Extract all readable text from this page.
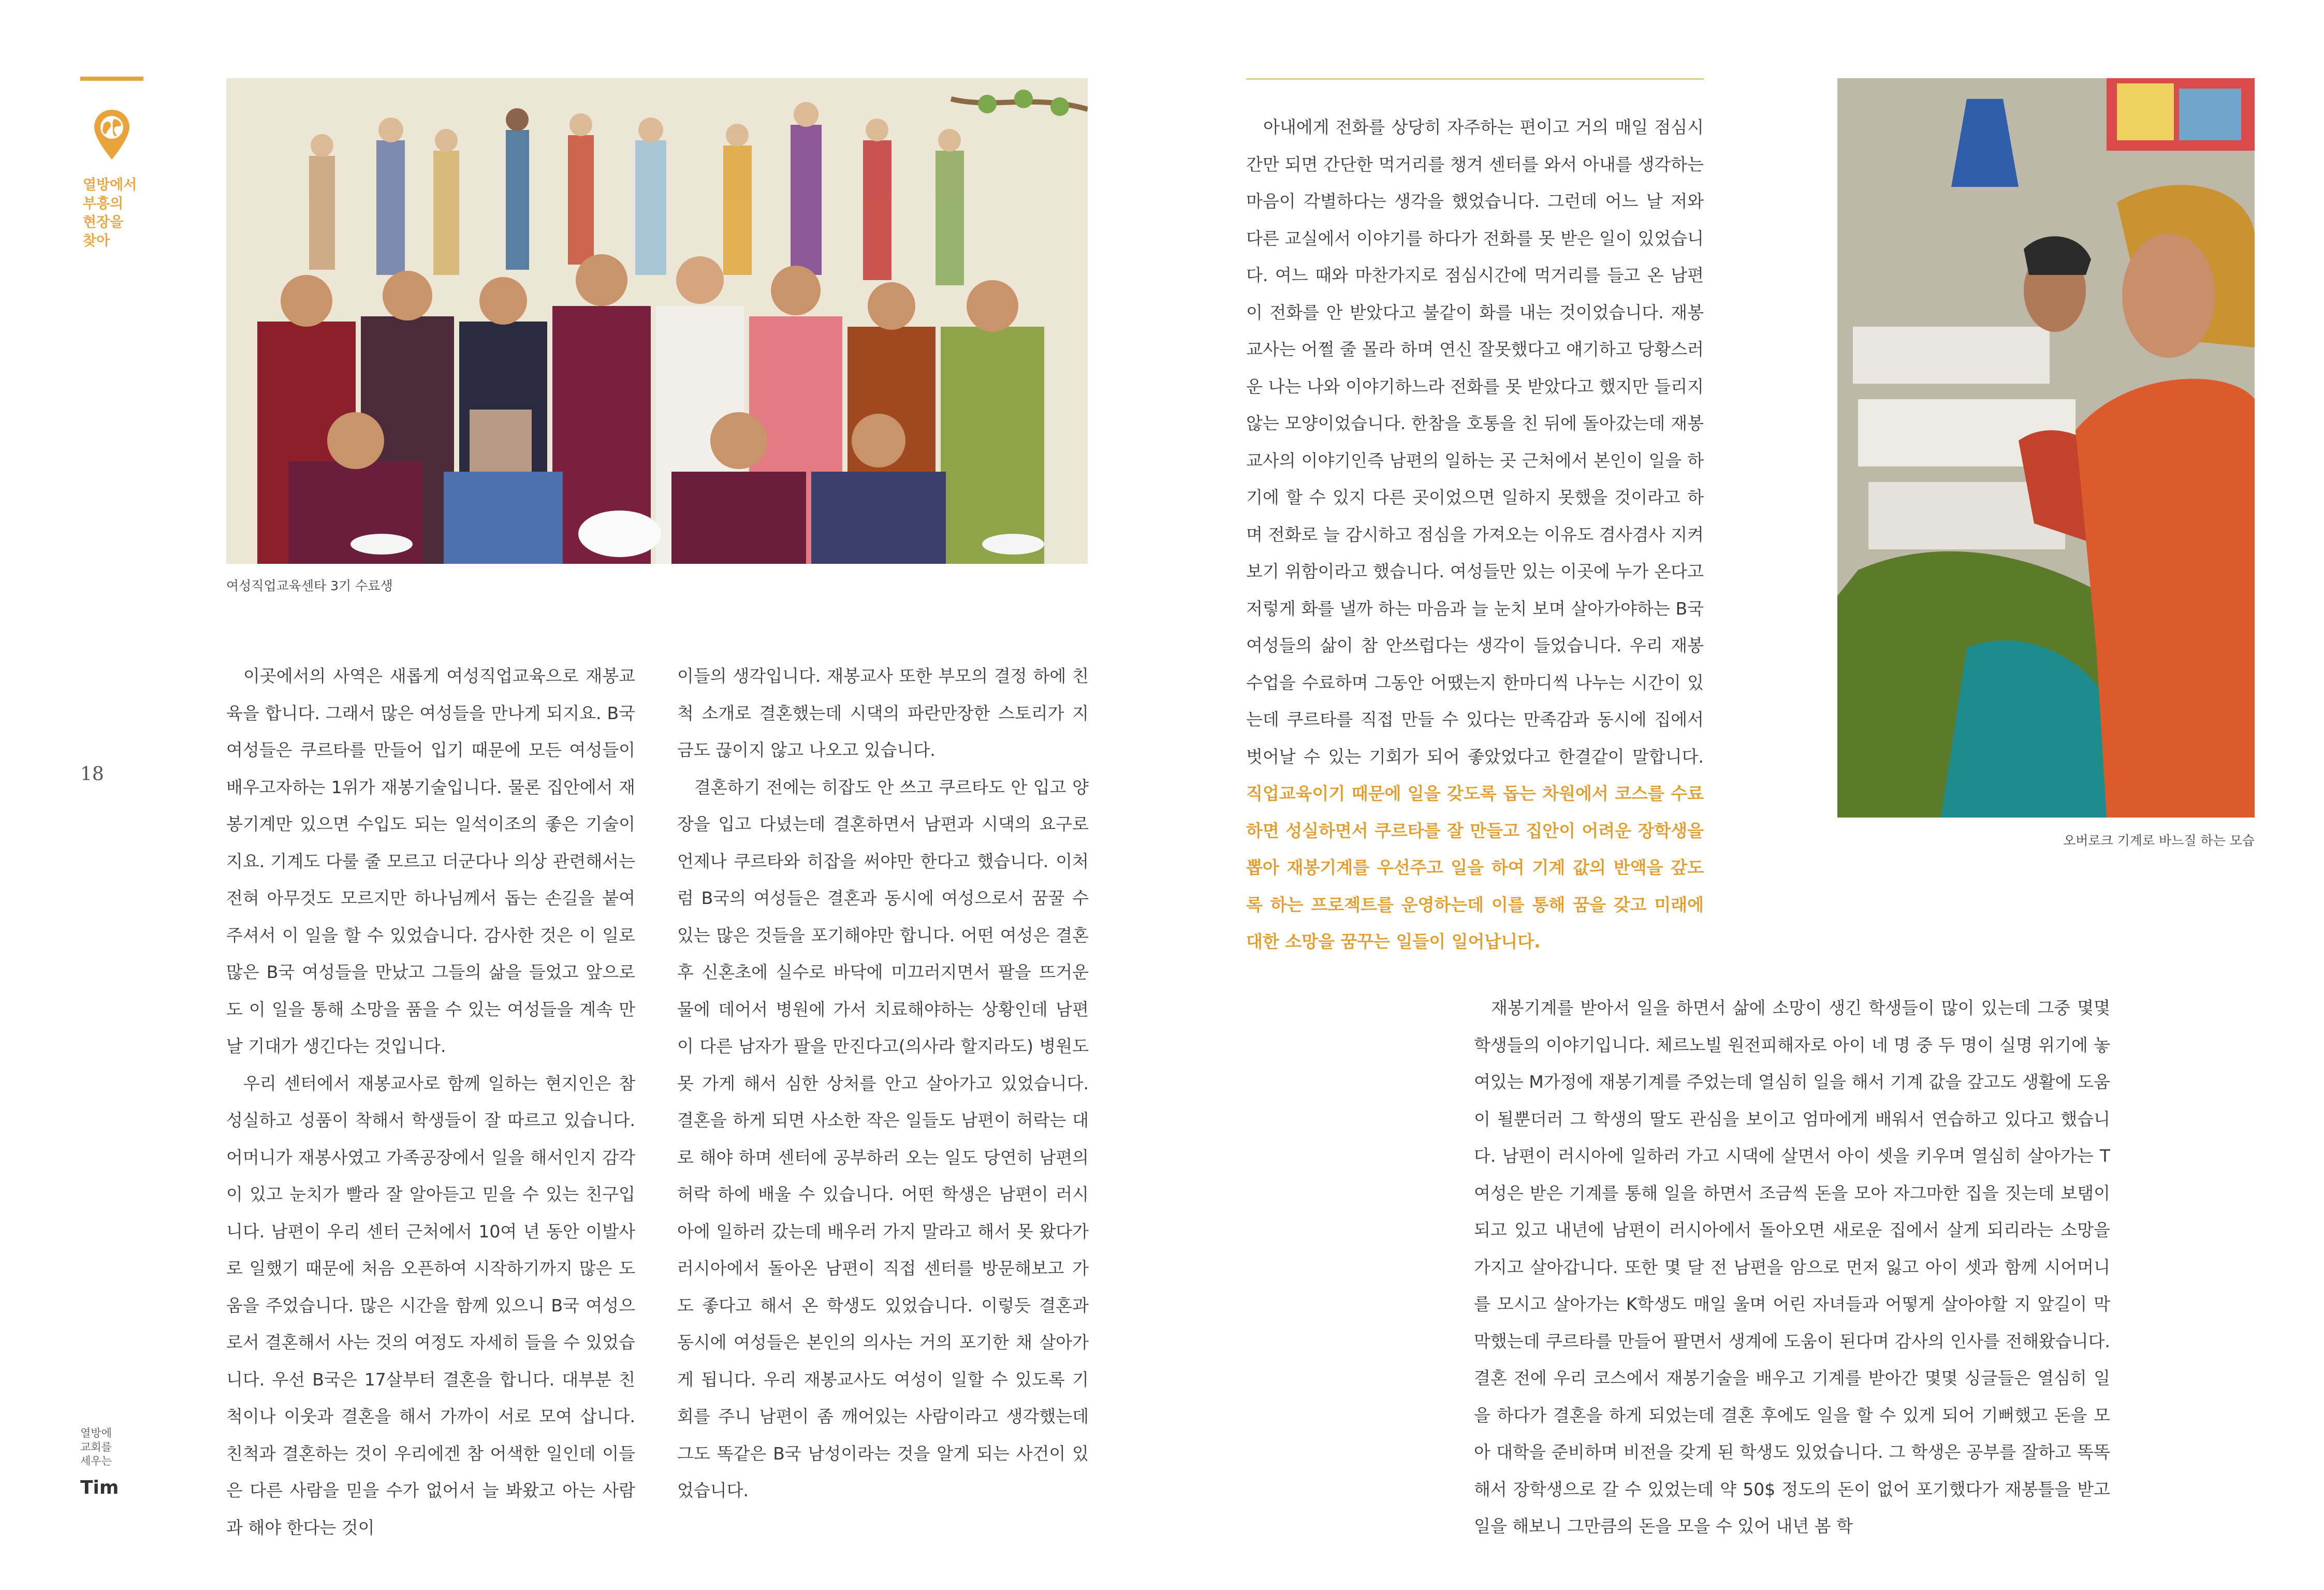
열방에서
부흥의
현장을
찾아
18
열방에
교회를
세우는
Tim
여성직업교육센타 3기 수료생
오버로크 기계로 바느질 하는 모습

이곳에서의 사역은 새롭게 여성직업교육으로 재봉교육을 합니다. 그래서 많은 여성들을 만나게 되지요. B국 여성들은 쿠르타를 만들어 입기 때문에 모든 여성들이 배우고자하는 1위가 재봉기술입니다. 물론 집안에서 재봉기계만 있으면 수입도 되는 일석이조의 좋은 기술이지요. 기계도 다룰 줄 모르고 더군다나 의상 관련해서는 전혀 아무것도 모르지만 하나님께서 돕는 손길을 붙여주셔서 이 일을 할 수 있었습니다. 감사한 것은 이 일로 많은 B국 여성들을 만났고 그들의 삶을 들었고 앞으로도 이 일을 통해 소망을 품을 수 있는 여성들을 계속 만날 기대가 생긴다는 것입니다.

우리 센터에서 재봉교사로 함께 일하는 현지인은 참 성실하고 성품이 착해서 학생들이 잘 따르고 있습니다. 어머니가 재봉사였고 가족공장에서 일을 해서인지 감각이 있고 눈치가 빨라 잘 알아듣고 믿을 수 있는 친구입니다. 남편이 우리 센터 근처에서 10여 년 동안 이발사로 일했기 때문에 처음 오픈하여 시작하기까지 많은 도움을 주었습니다. 많은 시간을 함께 있으니 B국 여성으로서 결혼해서 사는 것의 여정도 자세히 들을 수 있었습니다. 우선 B국은 17살부터 결혼을 합니다. 대부분 친척이나 이웃과 결혼을 해서 가까이 서로 모여 삽니다. 친척과 결혼하는 것이 우리에겐 참 어색한 일인데 이들은 다른 사람을 믿을 수가 없어서 늘 봐왔고 아는 사람과 해야 한다는 것이

이들의 생각입니다. 재봉교사 또한 부모의 결정 하에 친척 소개로 결혼했는데 시댁의 파란만장한 스토리가 지금도 끊이지 않고 나오고 있습니다.

결혼하기 전에는 히잡도 안 쓰고 쿠르타도 안 입고 양장을 입고 다녔는데 결혼하면서 남편과 시댁의 요구로 언제나 쿠르타와 히잡을 써야만 한다고 했습니다. 이처럼 B국의 여성들은 결혼과 동시에 여성으로서 꿈꿀 수 있는 많은 것들을 포기해야만 합니다. 어떤 여성은 결혼 후 신혼초에 실수로 바닥에 미끄러지면서 팔을 뜨거운 물에 데어서 병원에 가서 치료해야하는 상황인데 남편이 다른 남자가 팔을 만진다고(의사라 할지라도) 병원도 못 가게 해서 심한 상처를 안고 살아가고 있었습니다. 결혼을 하게 되면 사소한 작은 일들도 남편이 허락는 대로 해야 하며 센터에 공부하러 오는 일도 당연히 남편의 허락 하에 배울 수 있습니다. 어떤 학생은 남편이 러시아에 일하러 갔는데 배우러 가지 말라고 해서 못 왔다가 러시아에서 돌아온 남편이 직접 센터를 방문해보고 가도 좋다고 해서 온 학생도 있었습니다. 이렇듯 결혼과 동시에 여성들은 본인의 의사는 거의 포기한 채 살아가게 됩니다. 우리 재봉교사도 여성이 일할 수 있도록 기회를 주니 남편이 좀 깨어있는 사람이라고 생각했는데 그도 똑같은 B국 남성이라는 것을 알게 되는 사건이 있었습니다.

아내에게 전화를 상당히 자주하는 편이고 거의 매일 점심시간만 되면 간단한 먹거리를 챙겨 센터를 와서 아내를 생각하는 마음이 각별하다는 생각을 했었습니다. 그런데 어느 날 저와 다른 교실에서 이야기를 하다가 전화를 못 받은 일이 있었습니다. 여느 때와 마찬가지로 점심시간에 먹거리를 들고 온 남편이 전화를 안 받았다고 불같이 화를 내는 것이었습니다. 재봉교사는 어쩔 줄 몰라 하며 연신 잘못했다고 얘기하고 당황스러운 나는 나와 이야기하느라 전화를 못 받았다고 했지만 들리지 않는 모양이었습니다. 한참을 호통을 친 뒤에 돌아갔는데 재봉교사의 이야기인즉 남편의 일하는 곳 근처에서 본인이 일을 하기에 할 수 있지 다른 곳이었으면 일하지 못했을 것이라고 하며 전화로 늘 감시하고 점심을 가져오는 이유도 겸사겸사 지켜보기 위함이라고 했습니다. 여성들만 있는 이곳에 누가 온다고 저렇게 화를 낼까 하는 마음과 늘 눈치 보며 살아가야하는 B국 여성들의 삶이 참 안쓰럽다는 생각이 들었습니다. 우리 재봉 수업을 수료하며 그동안 어땠는지 한마디씩 나누는 시간이 있는데 쿠르타를 직접 만들 수 있다는 만족감과 동시에 집에서 벗어날 수 있는 기회가 되어 좋았었다고 한결같이 말합니다. 직업교육이기 때문에 일을 갖도록 돕는 차원에서 코스를 수료하면 성실하면서 쿠르타를 잘 만들고 집안이 어려운 장학생을 뽑아 재봉기계를 우선주고 일을 하여 기계 값의 반액을 갚도록 하는 프로젝트를 운영하는데 이를 통해 꿈을 갖고 미래에 대한 소망을 꿈꾸는 일들이 일어납니다.

재봉기계를 받아서 일을 하면서 삶에 소망이 생긴 학생들이 많이 있는데 그중 몇몇 학생들의 이야기입니다. 체르노빌 원전피해자로 아이 네 명 중 두 명이 실명 위기에 놓여있는 M가정에 재봉기계를 주었는데 열심히 일을 해서 기계 값을 갚고도 생활에 도움이 될뿐더러 그 학생의 딸도 관심을 보이고 엄마에게 배워서 연습하고 있다고 했습니다. 남편이 러시아에 일하러 가고 시댁에 살면서 아이 셋을 키우며 열심히 살아가는 T여성은 받은 기계를 통해 일을 하면서 조금씩 돈을 모아 자그마한 집을 짓는데 보탬이 되고 있고 내년에 남편이 러시아에서 돌아오면 새로운 집에서 살게 되리라는 소망을 가지고 살아갑니다. 또한 몇 달 전 남편을 암으로 먼저 잃고 아이 셋과 함께 시어머니를 모시고 살아가는 K학생도 매일 울며 어린 자녀들과 어떻게 살아야할 지 앞길이 막막했는데 쿠르타를 만들어 팔면서 생계에 도움이 된다며 감사의 인사를 전해왔습니다. 결혼 전에 우리 코스에서 재봉기술을 배우고 기계를 받아간 몇몇 싱글들은 열심히 일을 하다가 결혼을 하게 되었는데 결혼 후에도 일을 할 수 있게 되어 기뻐했고 돈을 모아 대학을 준비하며 비전을 갖게 된 학생도 있었습니다. 그 학생은 공부를 잘하고 똑똑해서 장학생으로 갈 수 있었는데 약 50$ 정도의 돈이 없어 포기했다가 재봉틀을 받고 일을 해보니 그만큼의 돈을 모을 수 있어 내년 봄 학
